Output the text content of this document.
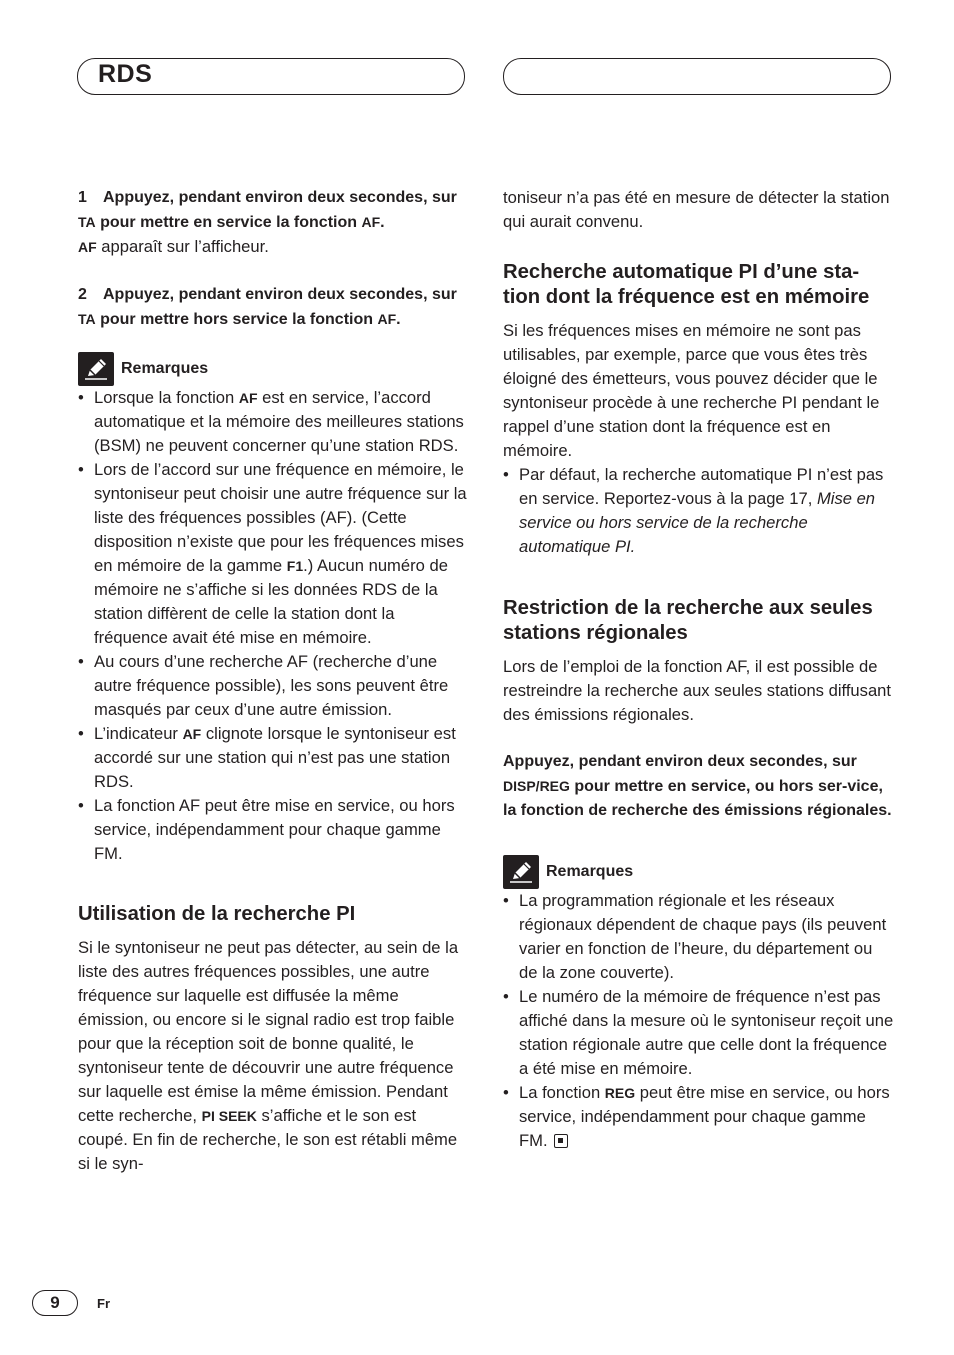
RDS

1 Appuyez, pendant environ deux secondes, sur TA pour mettre en service la fonction AF.

AF apparaît sur l’afficheur.

2 Appuyez, pendant environ deux secondes, sur TA pour mettre hors service la fonction AF.

Remarques
• Lorsque la fonction AF est en service, l’accord automatique et la mémoire des meilleures stations (BSM) ne peuvent concerner qu’une station RDS.
• Lors de l’accord sur une fréquence en mémoire, le syntoniseur peut choisir une autre fréquence sur la liste des fréquences possibles (AF). (Cette disposition n’existe que pour les fréquences mises en mémoire de la gamme F1.) Aucun numéro de mémoire ne s’affiche si les données RDS de la station diffèrent de celle la station dont la fréquence avait été mise en mémoire.
• Au cours d’une recherche AF (recherche d’une autre fréquence possible), les sons peuvent être masqués par ceux d’une autre émission.
• L’indicateur AF clignote lorsque le syntoniseur est accordé sur une station qui n’est pas une station RDS.
• La fonction AF peut être mise en service, ou hors service, indépendamment pour chaque gamme FM.
Utilisation de la recherche PI

Si le syntoniseur ne peut pas détecter, au sein de la liste des autres fréquences possibles, une autre fréquence sur laquelle est diffusée la même émission, ou encore si le signal radio est trop faible pour que la réception soit de bonne qualité, le syntoniseur tente de découvrir une autre fréquence sur laquelle est émise la même émission. Pendant cette recherche, PI SEEK s’affiche et le son est coupé. En fin de recherche, le son est rétabli même si le syn-

toniseur n’a pas été en mesure de détecter la station qui aurait convenu.

Recherche automatique PI d’une sta-tion dont la fréquence est en mémoire

Si les fréquences mises en mémoire ne sont pas utilisables, par exemple, parce que vous êtes très éloigné des émetteurs, vous pouvez décider que le syntoniseur procède à une recherche PI pendant le rappel d’une station dont la fréquence est en mémoire.

• Par défaut, la recherche automatique PI n’est pas en service. Reportez-vous à la page 17, Mise en service ou hors service de la recherche automatique PI.
Restriction de la recherche aux seules stations régionales

Lors de l’emploi de la fonction AF, il est possible de restreindre la recherche aux seules stations diffusant des émissions régionales.

Appuyez, pendant environ deux secondes, sur DISP/REG pour mettre en service, ou hors ser-vice, la fonction de recherche des émissions régionales.

Remarques
• La programmation régionale et les réseaux régionaux dépendent de chaque pays (ils peuvent varier en fonction de l’heure, du département ou de la zone couverte).
• Le numéro de la mémoire de fréquence n’est pas affiché dans la mesure où le syntoniseur reçoit une station régionale autre que celle dont la fréquence a été mise en mémoire.
• La fonction REG peut être mise en service, ou hors service, indépendamment pour chaque gamme FM.
9	Fr
